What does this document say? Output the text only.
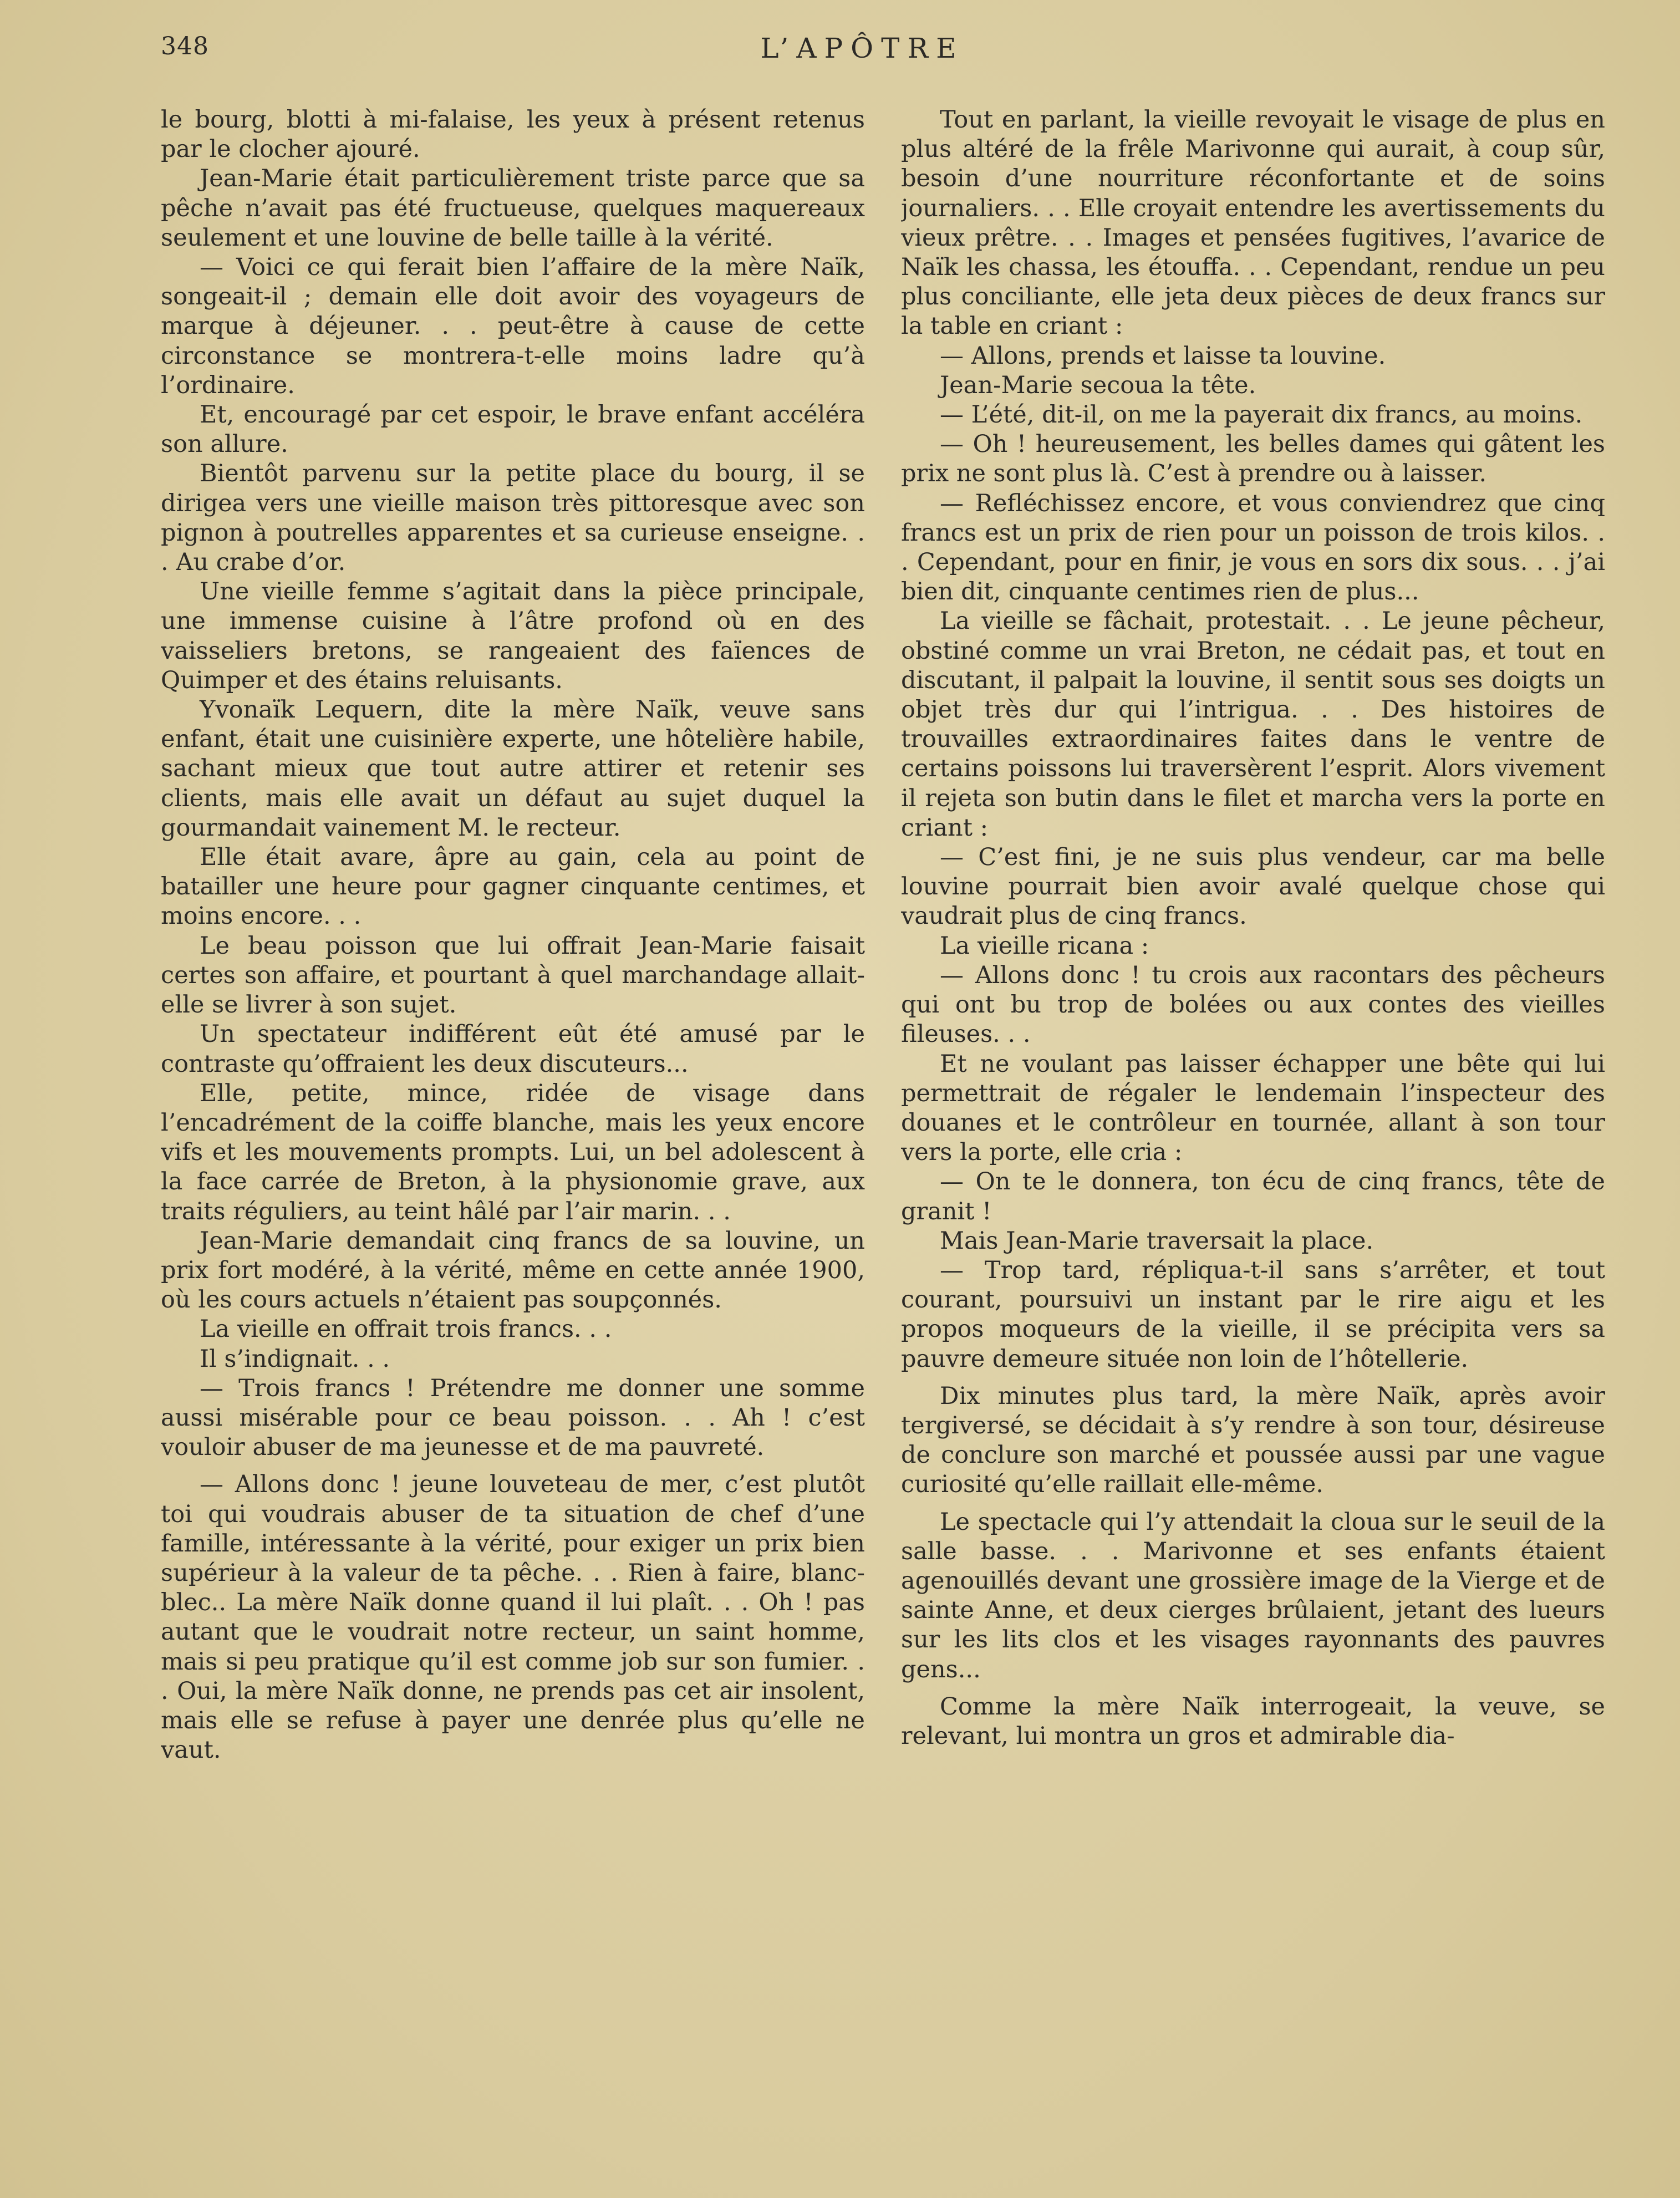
348	L’APÔTRE

le bourg, blotti à mi-falaise, les yeux à présent retenus par le clocher ajouré.

Jean-Marie était particulièrement triste parce que sa pêche n’avait pas été fructueuse, quelques maquereaux seulement et une louvine de belle taille à la vérité.

— Voici ce qui ferait bien l’affaire de la mère Naïk, songeait-il ; demain elle doit avoir des voyageurs de marque à déjeuner. . . peut-être à cause de cette circonstance se montrera-t-elle moins ladre qu’à l’ordinaire.

Et, encouragé par cet espoir, le brave enfant accéléra son allure.

Bientôt parvenu sur la petite place du bourg, il se dirigea vers une vieille maison très pittoresque avec son pignon à poutrelles apparentes et sa curieuse enseigne. . . Au crabe d’or.

Une vieille femme s’agitait dans la pièce principale, une immense cuisine à l’âtre profond où en des vaisseliers bretons, se rangeaient des faïences de Quimper et des étains reluisants.

Yvonaïk Lequern, dite la mère Naïk, veuve sans enfant, était une cuisinière experte, une hôtelière habile, sachant mieux que tout autre attirer et retenir ses clients, mais elle avait un défaut au sujet duquel la gourmandait vainement M. le recteur.

Elle était avare, âpre au gain, cela au point de batailler une heure pour gagner cinquante centimes, et moins encore. . .

Le beau poisson que lui offrait Jean-Marie faisait certes son affaire, et pourtant à quel marchandage allait-elle se livrer à son sujet.

Un spectateur indifférent eût été amusé par le contraste qu’offraient les deux discuteurs...

Elle, petite, mince, ridée de visage dans l’encadrément de la coiffe blanche, mais les yeux encore vifs et les mouvements prompts. Lui, un bel adolescent à la face carrée de Breton, à la physionomie grave, aux traits réguliers, au teint hâlé par l’air marin. . .

Jean-Marie demandait cinq francs de sa louvine, un prix fort modéré, à la vérité, même en cette année 1900, où les cours actuels n’étaient pas soupçonnés.

La vieille en offrait trois francs. . .

Il s’indignait. . .

— Trois francs ! Prétendre me donner une somme aussi misérable pour ce beau poisson. . . Ah ! c’est vouloir abuser de ma jeunesse et de ma pauvreté.

— Allons donc ! jeune louveteau de mer, c’est plutôt toi qui voudrais abuser de ta situation de chef d’une famille, intéressante à la vérité, pour exiger un prix bien supérieur à la valeur de ta pêche. . . Rien à faire, blanc-blec.. La mère Naïk donne quand il lui plaît. . . Oh ! pas autant que le voudrait notre recteur, un saint homme, mais si peu pratique qu’il est comme job sur son fumier. . . Oui, la mère Naïk donne, ne prends pas cet air insolent, mais elle se refuse à payer une denrée plus qu’elle ne vaut.

Tout en parlant, la vieille revoyait le visage de plus en plus altéré de la frêle Marivonne qui aurait, à coup sûr, besoin d’une nourriture réconfortante et de soins journaliers. . . Elle croyait entendre les avertissements du vieux prêtre. . . Images et pensées fugitives, l’avarice de Naïk les chassa, les étouffa. . . Cependant, rendue un peu plus conciliante, elle jeta deux pièces de deux francs sur la table en criant :

— Allons, prends et laisse ta louvine.

Jean-Marie secoua la tête.

— L’été, dit-il, on me la payerait dix francs, au moins.

— Oh ! heureusement, les belles dames qui gâtent les prix ne sont plus là. C’est à prendre ou à laisser.

— Refléchissez encore, et vous conviendrez que cinq francs est un prix de rien pour un poisson de trois kilos. . . Cependant, pour en finir, je vous en sors dix sous. . . j’ai bien dit, cinquante centimes rien de plus...

La vieille se fâchait, protestait. . . Le jeune pêcheur, obstiné comme un vrai Breton, ne cédait pas, et tout en discutant, il palpait la louvine, il sentit sous ses doigts un objet très dur qui l’intrigua. . . Des histoires de trouvailles extraordinaires faites dans le ventre de certains poissons lui traversèrent l’esprit. Alors vivement il rejeta son butin dans le filet et marcha vers la porte en criant :

— C’est fini, je ne suis plus vendeur, car ma belle louvine pourrait bien avoir avalé quelque chose qui vaudrait plus de cinq francs.

La vieille ricana :

— Allons donc ! tu crois aux racontars des pêcheurs qui ont bu trop de bolées ou aux contes des vieilles fileuses. . .

Et ne voulant pas laisser échapper une bête qui lui permettrait de régaler le lendemain l’inspecteur des douanes et le contrôleur en tournée, allant à son tour vers la porte, elle cria :

— On te le donnera, ton écu de cinq francs, tête de granit !

Mais Jean-Marie traversait la place.

— Trop tard, répliqua-t-il sans s’arrêter, et tout courant, poursuivi un instant par le rire aigu et les propos moqueurs de la vieille, il se précipita vers sa pauvre demeure située non loin de l’hôtellerie.

Dix minutes plus tard, la mère Naïk, après avoir tergiversé, se décidait à s’y rendre à son tour, désireuse de conclure son marché et poussée aussi par une vague curiosité qu’elle raillait elle-même.

Le spectacle qui l’y attendait la cloua sur le seuil de la salle basse. . . Marivonne et ses enfants étaient agenouillés devant une grossière image de la Vierge et de sainte Anne, et deux cierges brûlaient, jetant des lueurs sur les lits clos et les visages rayonnants des pauvres gens...

Comme la mère Naïk interrogeait, la veuve, se relevant, lui montra un gros et admirable dia-
